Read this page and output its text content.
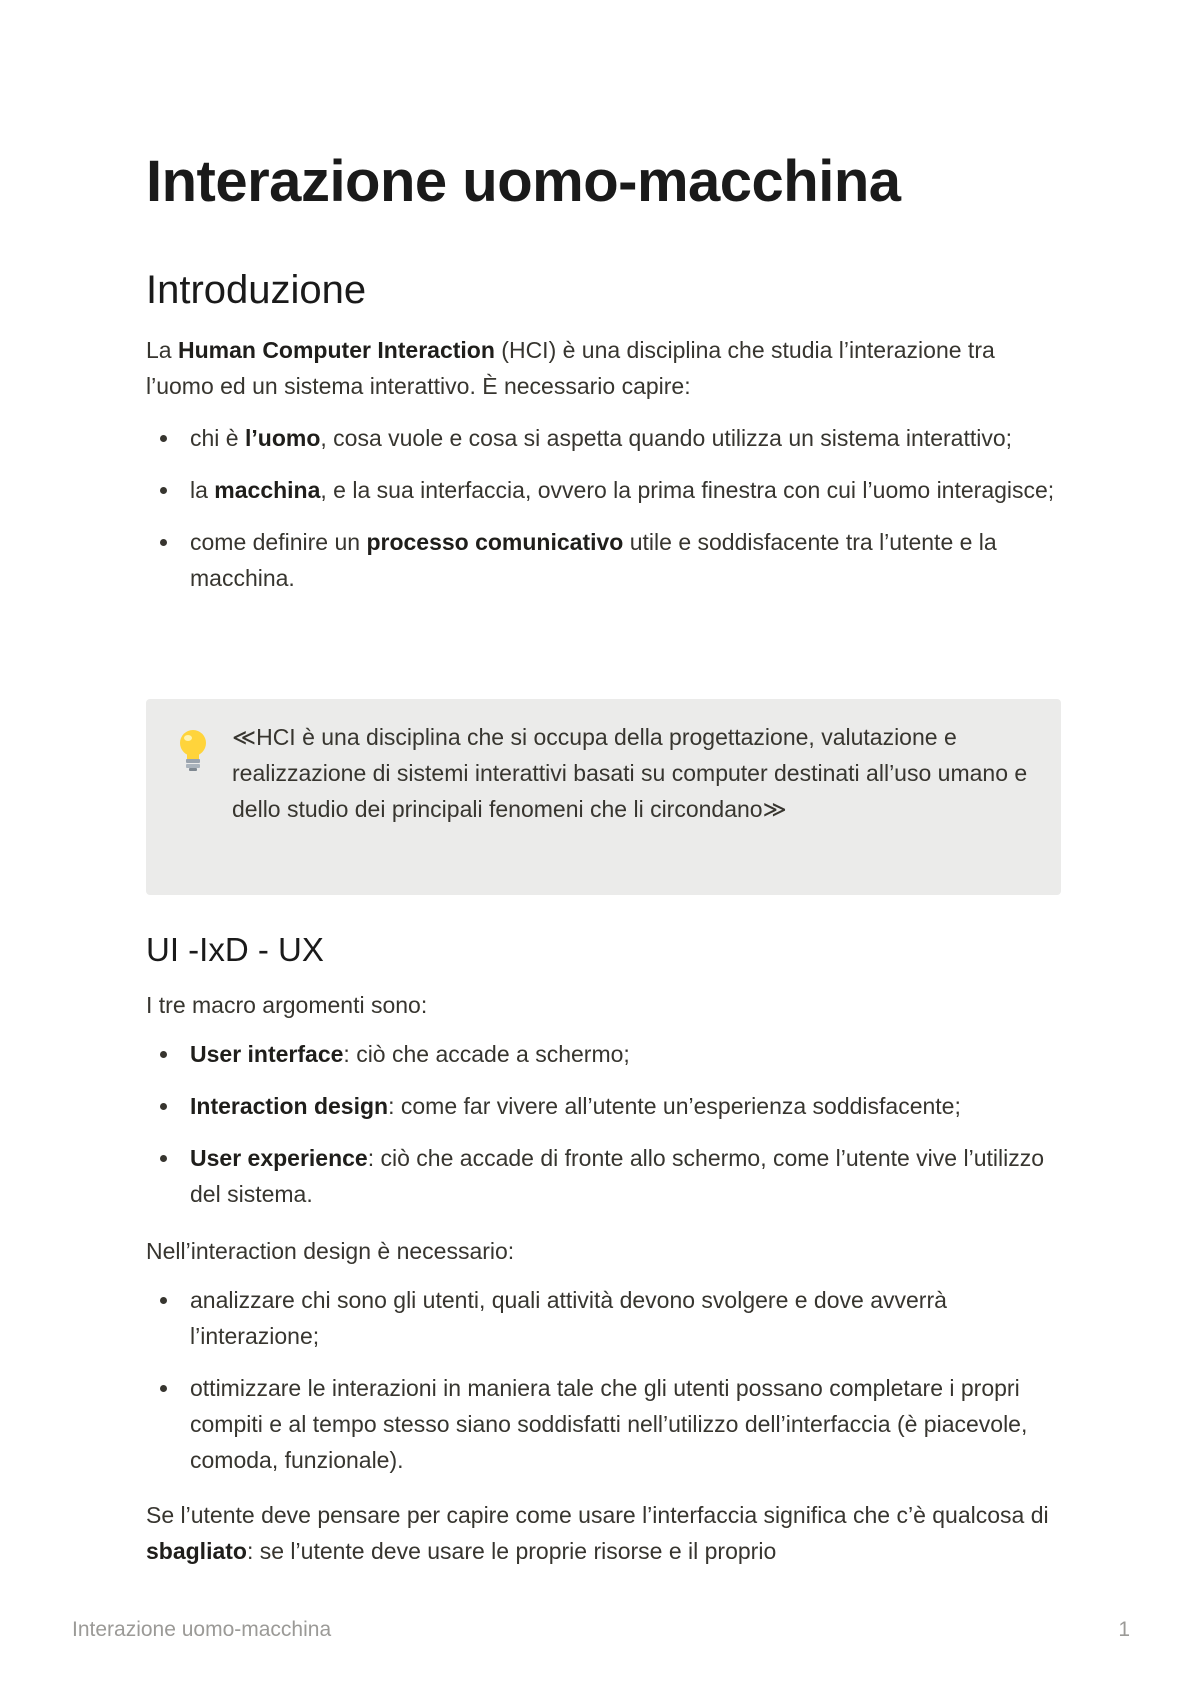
Interazione uomo-macchina
Introduzione

La Human Computer Interaction (HCI) è una disciplina che studia l’interazione tra l’uomo ed un sistema interattivo. È necessario capire:

chi è l’uomo, cosa vuole e cosa si aspetta quando utilizza un sistema interattivo;
la macchina, e la sua interfaccia, ovvero la prima finestra con cui l’uomo interagisce;
come definire un processo comunicativo utile e soddisfacente tra l’utente e la macchina.
≪HCI è una disciplina che si occupa della progettazione, valutazione e realizzazione di sistemi interattivi basati su computer destinati all’uso umano e dello studio dei principali fenomeni che li circondano≫
UI -IxD - UX

I tre macro argomenti sono:

User interface: ciò che accade a schermo;
Interaction design: come far vivere all’utente un’esperienza soddisfacente;
User experience: ciò che accade di fronte allo schermo, come l’utente vive l’utilizzo del sistema.

Nell’interaction design è necessario:

analizzare chi sono gli utenti, quali attività devono svolgere e dove avverrà l’interazione;
ottimizzare le interazioni in maniera tale che gli utenti possano completare i propri compiti e al tempo stesso siano soddisfatti nell’utilizzo dell’interfaccia (è piacevole, comoda, funzionale).

Se l’utente deve pensare per capire come usare l’interfaccia significa che c’è qualcosa di sbagliato: se l’utente deve usare le proprie risorse e il proprio

Interazione uomo-macchina	1
